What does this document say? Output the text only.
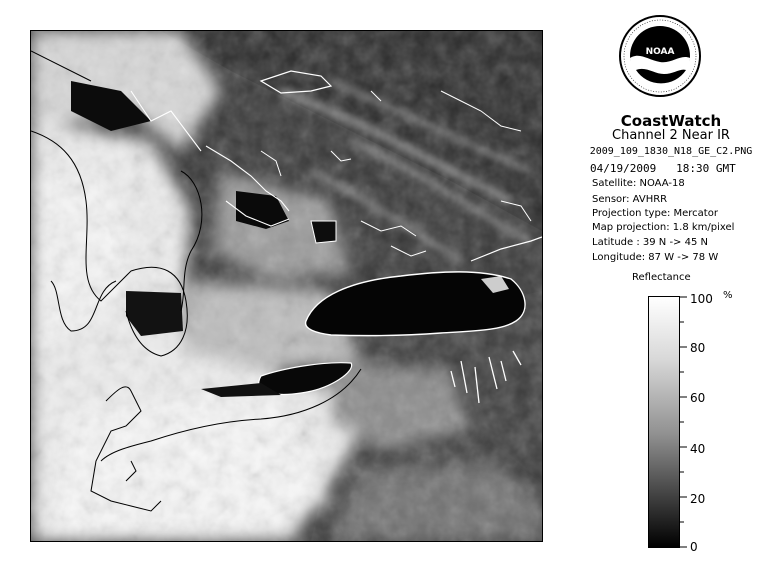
NOAA
CoastWatch
Channel 2 Near IR
2009_109_1830_N18_GE_C2.PNG
04/19/2009 18:30 GMT
Satellite: NOAA-18
Sensor: AVHRR
Projection type: Mercator
Map projection: 1.8 km/pixel
Latitude : 39 N -> 45 N
Longitude: 87 W -> 78 W
Reflectance
100
80
60
40
20
0
%
